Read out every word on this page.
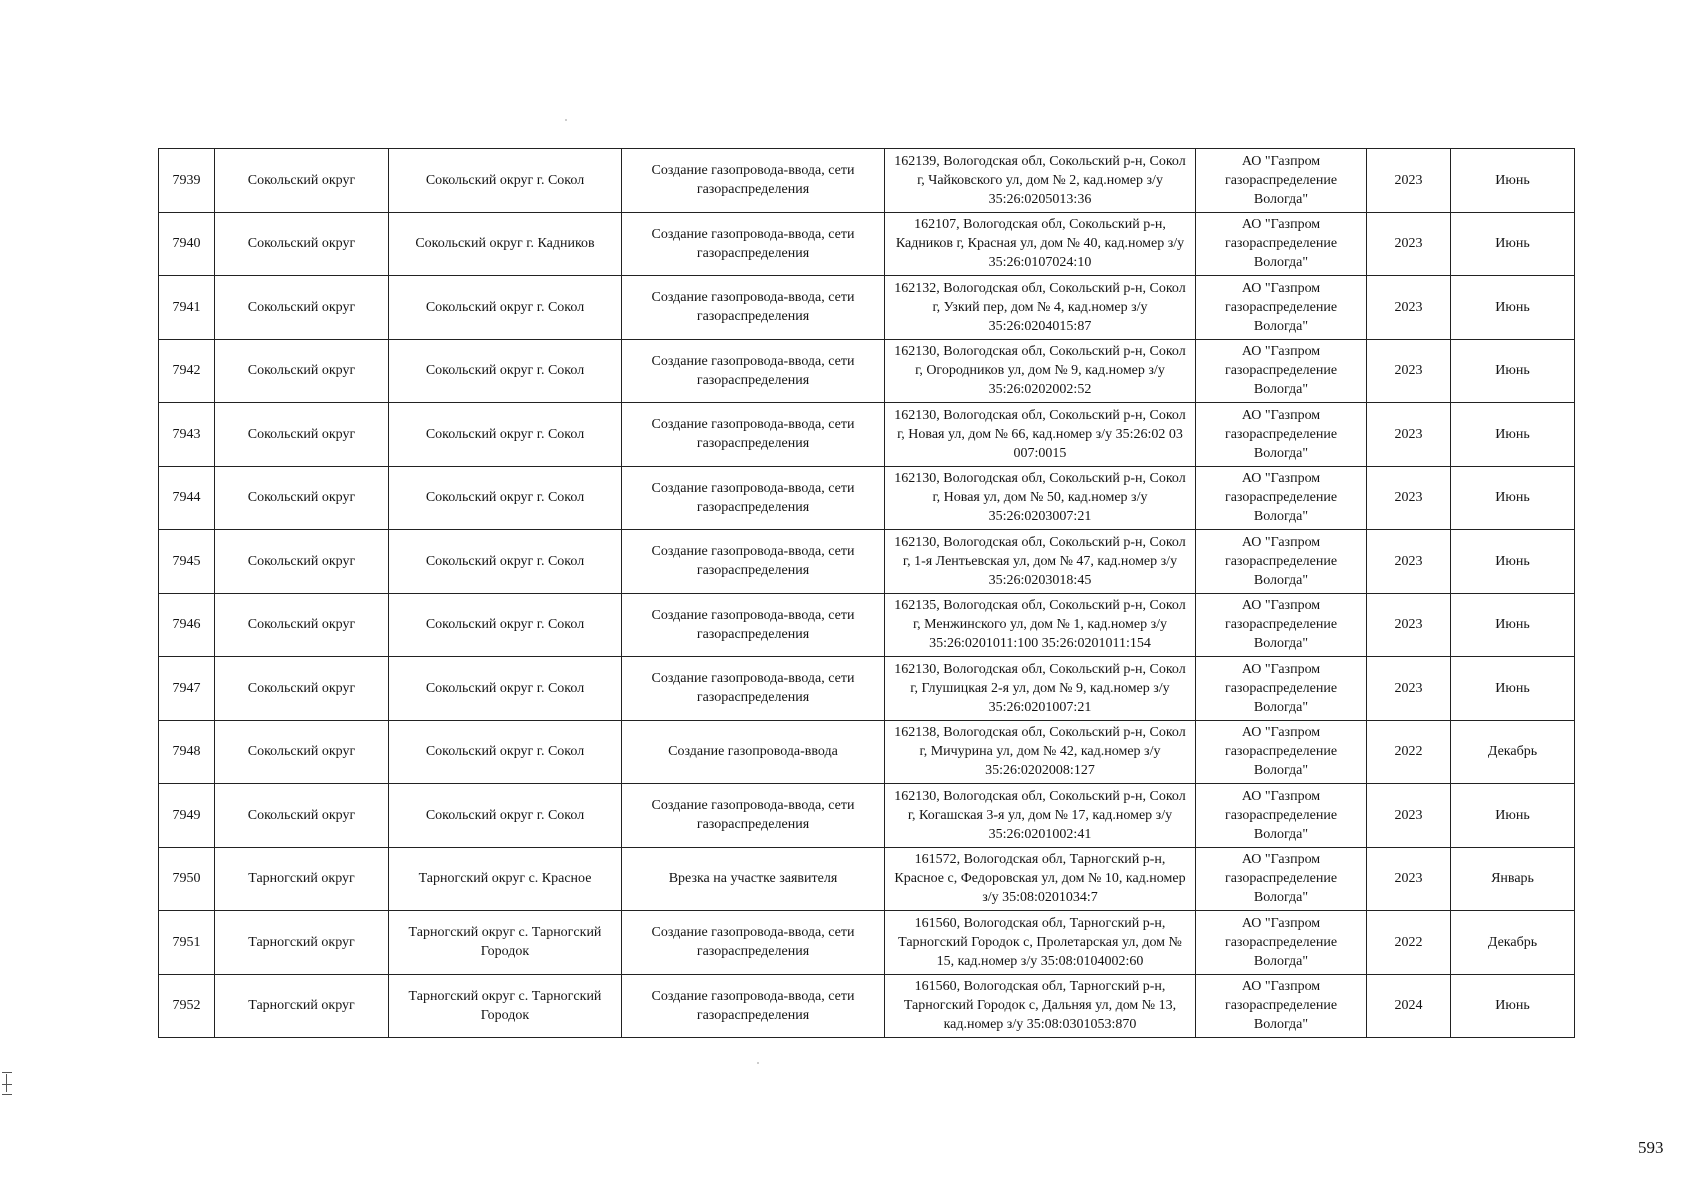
7939	Сокольский округ	Сокольский округ г. Сокол	Создание газопровода-ввода, сети газораспределения	162139, Вологодская обл, Сокольский р-н, Сокол г, Чайковского ул, дом № 2, кад.номер з/у 35:26:0205013:36	АО "Газпром газораспределение Вологда"	2023	Июнь
7940	Сокольский округ	Сокольский округ г. Кадников	Создание газопровода-ввода, сети газораспределения	162107, Вологодская обл, Сокольский р-н, Кадников г, Красная ул, дом № 40, кад.номер з/у 35:26:0107024:10	АО "Газпром газораспределение Вологда"	2023	Июнь
7941	Сокольский округ	Сокольский округ г. Сокол	Создание газопровода-ввода, сети газораспределения	162132, Вологодская обл, Сокольский р-н, Сокол г, Узкий пер, дом № 4, кад.номер з/у 35:26:0204015:87	АО "Газпром газораспределение Вологда"	2023	Июнь
7942	Сокольский округ	Сокольский округ г. Сокол	Создание газопровода-ввода, сети газораспределения	162130, Вологодская обл, Сокольский р-н, Сокол г, Огородников ул, дом № 9, кад.номер з/у 35:26:0202002:52	АО "Газпром газораспределение Вологда"	2023	Июнь
7943	Сокольский округ	Сокольский округ г. Сокол	Создание газопровода-ввода, сети газораспределения	162130, Вологодская обл, Сокольский р-н, Сокол г, Новая ул, дом № 66, кад.номер з/у 35:26:02 03 007:0015	АО "Газпром газораспределение Вологда"	2023	Июнь
7944	Сокольский округ	Сокольский округ г. Сокол	Создание газопровода-ввода, сети газораспределения	162130, Вологодская обл, Сокольский р-н, Сокол г, Новая ул, дом № 50, кад.номер з/у 35:26:0203007:21	АО "Газпром газораспределение Вологда"	2023	Июнь
7945	Сокольский округ	Сокольский округ г. Сокол	Создание газопровода-ввода, сети газораспределения	162130, Вологодская обл, Сокольский р-н, Сокол г, 1-я Лентьевская ул, дом № 47, кад.номер з/у 35:26:0203018:45	АО "Газпром газораспределение Вологда"	2023	Июнь
7946	Сокольский округ	Сокольский округ г. Сокол	Создание газопровода-ввода, сети газораспределения	162135, Вологодская обл, Сокольский р-н, Сокол г, Менжинского ул, дом № 1, кад.номер з/у 35:26:0201011:100 35:26:0201011:154	АО "Газпром газораспределение Вологда"	2023	Июнь
7947	Сокольский округ	Сокольский округ г. Сокол	Создание газопровода-ввода, сети газораспределения	162130, Вологодская обл, Сокольский р-н, Сокол г, Глушицкая 2-я ул, дом № 9, кад.номер з/у 35:26:0201007:21	АО "Газпром газораспределение Вологда"	2023	Июнь
7948	Сокольский округ	Сокольский округ г. Сокол	Создание газопровода-ввода	162138, Вологодская обл, Сокольский р-н, Сокол г, Мичурина ул, дом № 42, кад.номер з/у 35:26:0202008:127	АО "Газпром газораспределение Вологда"	2022	Декабрь
7949	Сокольский округ	Сокольский округ г. Сокол	Создание газопровода-ввода, сети газораспределения	162130, Вологодская обл, Сокольский р-н, Сокол г, Когашская 3-я ул, дом № 17, кад.номер з/у 35:26:0201002:41	АО "Газпром газораспределение Вологда"	2023	Июнь
7950	Тарногский округ	Тарногский округ с. Красное	Врезка на участке заявителя	161572, Вологодская обл, Тарногский р-н, Красное с, Федоровская ул, дом № 10, кад.номер з/у 35:08:0201034:7	АО "Газпром газораспределение Вологда"	2023	Январь
7951	Тарногский округ	Тарногский округ с. Тарногский Городок	Создание газопровода-ввода, сети газораспределения	161560, Вологодская обл, Тарногский р-н, Тарногский Городок с, Пролетарская ул, дом № 15, кад.номер з/у 35:08:0104002:60	АО "Газпром газораспределение Вологда"	2022	Декабрь
7952	Тарногский округ	Тарногский округ с. Тарногский Городок	Создание газопровода-ввода, сети газораспределения	161560, Вологодская обл, Тарногский р-н, Тарногский Городок с, Дальняя ул, дом № 13, кад.номер з/у 35:08:0301053:870	АО "Газпром газораспределение Вологда"	2024	Июнь
593
